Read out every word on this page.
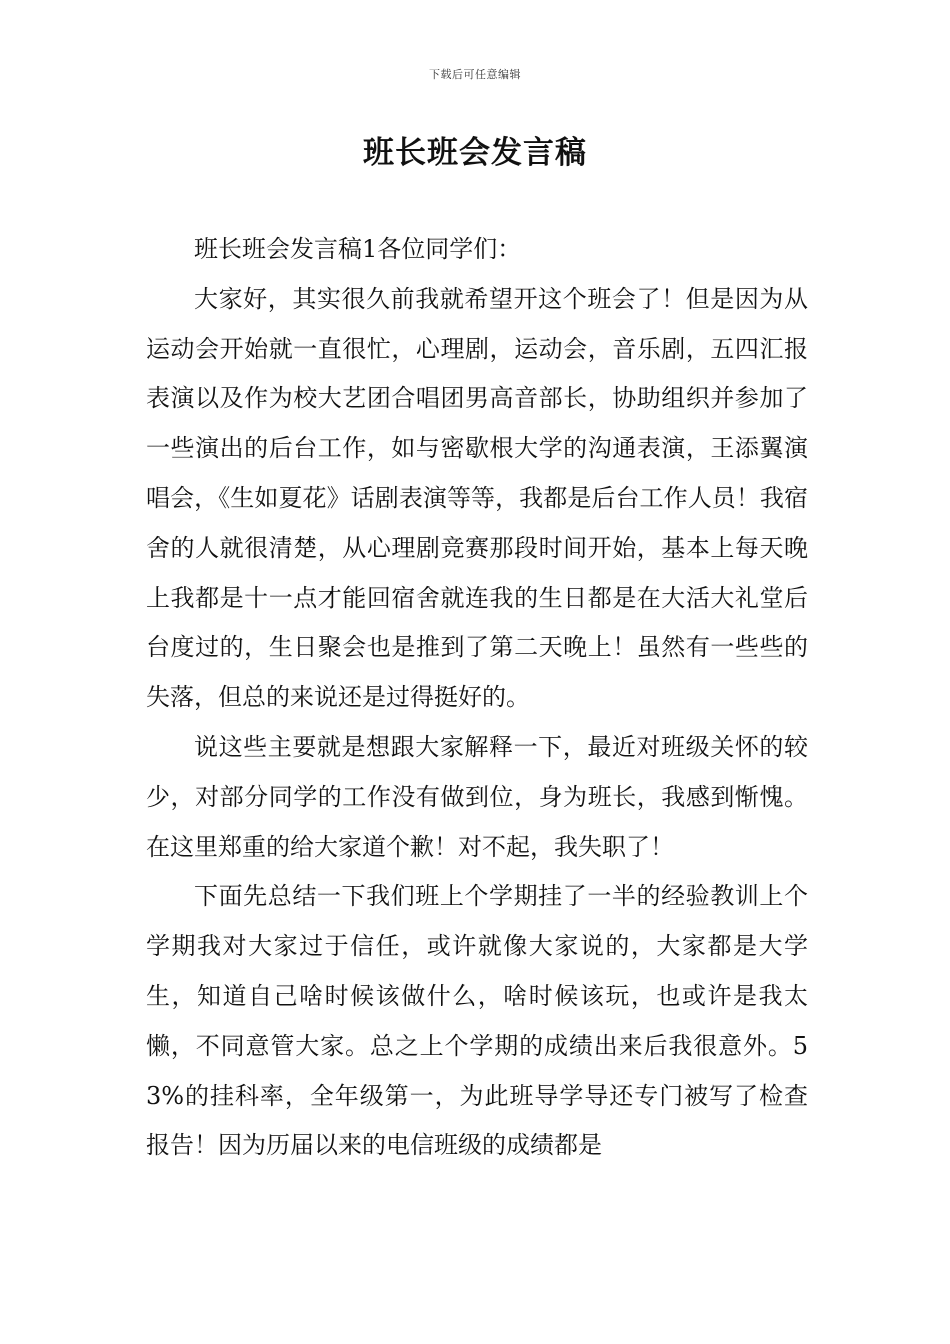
下载后可任意编辑
班长班会发言稿

班长班会发言稿1各位同学们：

大家好，其实很久前我就希望开这个班会了！但是因为从运动会开始就一直很忙，心理剧，运动会，音乐剧，五四汇报表演以及作为校大艺团合唱团男高音部长，协助组织并参加了一些演出的后台工作，如与密歇根大学的沟通表演，王添翼演唱会，《生如夏花》话剧表演等等，我都是后台工作人员！我宿舍的人就很清楚，从心理剧竞赛那段时间开始，基本上每天晚上我都是十一点才能回宿舍就连我的生日都是在大活大礼堂后台度过的，生日聚会也是推到了第二天晚上！虽然有一些些的失落，但总的来说还是过得挺好的。

说这些主要就是想跟大家解释一下，最近对班级关怀的较少，对部分同学的工作没有做到位，身为班长，我感到惭愧。在这里郑重的给大家道个歉！对不起，我失职了！

下面先总结一下我们班上个学期挂了一半的经验教训上个学期我对大家过于信任，或许就像大家说的，大家都是大学生，知道自己啥时候该做什么，啥时候该玩，也或许是我太懒，不同意管大家。总之上个学期的成绩出来后我很意外。53%的挂科率，全年级第一，为此班导学导还专门被写了检查报告！因为历届以来的电信班级的成绩都是
